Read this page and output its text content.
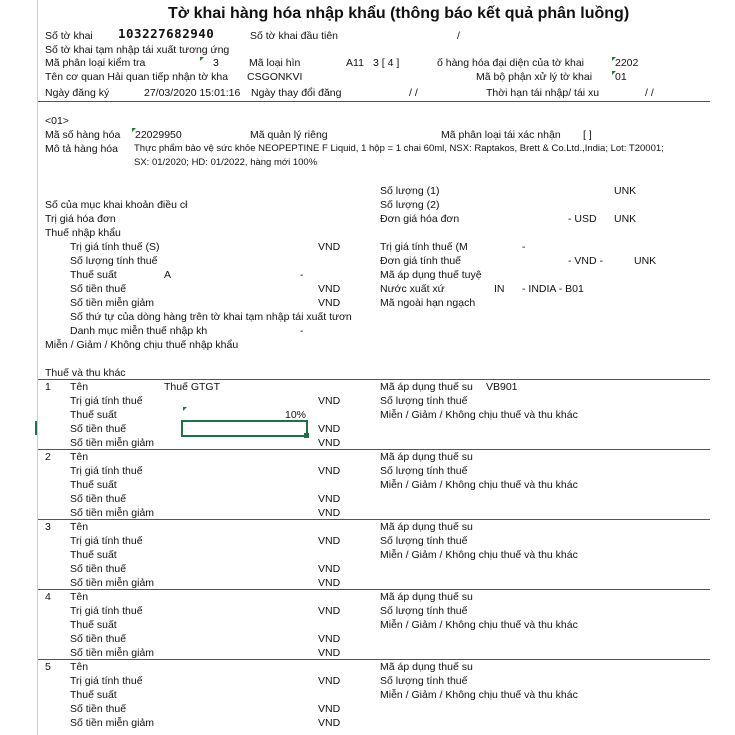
Tờ khai hàng hóa nhập khẩu (thông báo kết quả phân luồng)
Số tờ khai 103227682940	Số tờ khai đầu tiên	/
Số tờ khai tạm nhập tái xuất tương ứng
Mã phân loại kiểm tra	3	Mã loại hìn	A11 3 [ 4 ]	ố hàng hóa đại diện của tờ khai	2202
Tên cơ quan Hải quan tiếp nhận tờ kha CSGONKVI	Mã bộ phận xử lý tờ khai 01
Ngày đăng ký	27/03/2020 15:01:16 Ngày thay đổi đăng	/ /	Thời hạn tái nhập/ tái xu	/ /
<01>
Mã số hàng hóa 22029950	Mã quản lý riêng	Mã phân loại tái xác nhận [ ]
Mô tả hàng hóa Thực phẩm bảo vệ sức khỏe NEOPEPTINE F Liquid, 1 hộp = 1 chai 60ml, NSX: Raptakos, Brett & Co.Ltd.,India; Lot: T20001;
SX: 01/2020; HD: 01/2022, hàng mới 100%
Số lượng (1)	UNK
Số của mục khai khoản điều cł	Số lượng (2)
Trị giá hóa đơn	Đơn giá hóa đơn	- USD UNK
Thuế nhập khẩu
Trị giá tính thuế (S)	VND	Trị giá tính thuế (M	-
Số lượng tính thuế	Đơn giá tính thuế	- VND -	UNK
Thuế suất	A	-	Mã áp dụng thuế tuyệ
Số tiền thuế	VND	Nước xuất xứ	IN - INDIA - B01
Số tiền miễn giảm	VND	Mã ngoài hạn ngạch
Số thứ tự của dòng hàng trên tờ khai tạm nhập tái xuất tươn
Danh mục miễn thuế nhập kh	-
Miễn / Giảm / Không chịu thuế nhập khẩu
Thuế và thu khác
1 Tên	Thuế GTGT	Mã áp dụng thuế su VB901
Trị giá tính thuế	VND	Số lượng tính thuế
Thuế suất	10%	Miễn / Giảm / Không chịu thuế và thu khác
Số tiền thuế	VND
Số tiền miễn giảm	VND
2 Tên	Mã áp dụng thuế su
Trị giá tính thuế	VND	Số lượng tính thuế
Thuế suất	Miễn / Giảm / Không chịu thuế và thu khác
Số tiền thuế	VND
Số tiền miễn giảm	VND
3 Tên	Mã áp dụng thuế su
Trị giá tính thuế	VND	Số lượng tính thuế
Thuế suất	Miễn / Giảm / Không chịu thuế và thu khác
Số tiền thuế	VND
Số tiền miễn giảm	VND
4 Tên	Mã áp dụng thuế su
Trị giá tính thuế	VND	Số lượng tính thuế
Thuế suất	Miễn / Giảm / Không chịu thuế và thu khác
Số tiền thuế	VND
Số tiền miễn giảm	VND
5 Tên	Mã áp dụng thuế su
Trị giá tính thuế	VND	Số lượng tính thuế
Thuế suất	Miễn / Giảm / Không chịu thuế và thu khác
Số tiền thuế	VND
Số tiền miễn giảm	VND
